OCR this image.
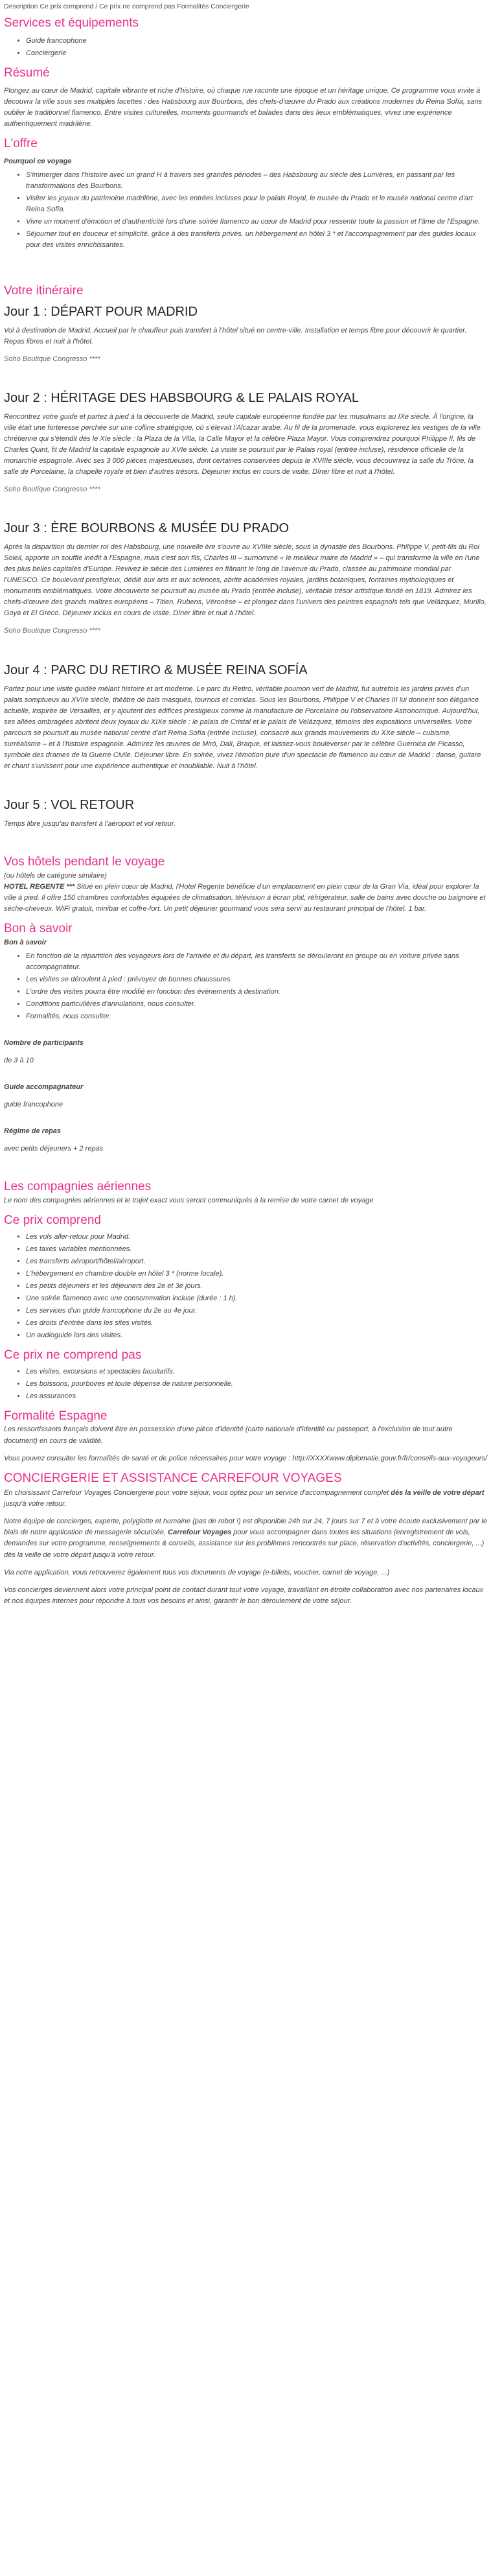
Description Ce prix comprend / Ce prix ne comprend pas Formalités Conciergerie
Services et équipements
• Guide francophone
• Conciergerie
Résumé

Plongez au cœur de Madrid, capitale vibrante et riche d'histoire, où chaque rue raconte une époque et un héritage unique. Ce programme vous invite à découvrir la ville sous ses multiples facettes : des Habsbourg aux Bourbons, des chefs-d'œuvre du Prado aux créations modernes du Reina Sofía, sans oublier le traditionnel flamenco. Entre visites culturelles, moments gourmands et balades dans des lieux emblématiques, vivez une expérience authentiquement madrilène.

L'offre
Pourquoi ce voyage
• S'immerger dans l'histoire avec un grand H à travers ses grandes périodes – des Habsbourg au siècle des Lumières, en passant par les transformations des Bourbons.
• Visiter les joyaux du patrimoine madrilène, avec les entrées incluses pour le palais Royal, le musée du Prado et le musée national centre d'art Reina Sofía.
• Vivre un moment d'émotion et d'authenticité lors d'une soirée flamenco au cœur de Madrid pour ressentir toute la passion et l'âme de l'Espagne.
• Séjourner tout en douceur et simplicité, grâce à des transferts privés, un hébergement en hôtel 3 * et l'accompagnement par des guides locaux pour des visites enrichissantes.
Votre itinéraire
Jour 1 : DÉPART POUR MADRID

Vol à destination de Madrid. Accueil par le chauffeur puis transfert à l'hôtel situé en centre-ville. Installation et temps libre pour découvrir le quartier. Repas libres et nuit à l'hôtel.

Soho Boutique Congresso ****
Jour 2 : HÉRITAGE DES HABSBOURG & LE PALAIS ROYAL

Rencontrez votre guide et partez à pied à la découverte de Madrid, seule capitale européenne fondée par les musulmans au IXe siècle. À l'origine, la ville était une forteresse perchée sur une colline stratégique, où s'élevait l'Alcazar arabe. Au fil de la promenade, vous explorerez les vestiges de la ville chrétienne qui s'étendit dès le XIe siècle : la Plaza de la Villa, la Calle Mayor et la célèbre Plaza Mayor. Vous comprendrez pourquoi Philippe II, fils de Charles Quint, fit de Madrid la capitale espagnole au XVIe siècle. La visite se poursuit par le Palais royal (entrée incluse), résidence officielle de la monarchie espagnole. Avec ses 3 000 pièces majestueuses, dont certaines conservées depuis le XVIIIe siècle, vous découvrirez la salle du Trône, la salle de Porcelaine, la chapelle royale et bien d'autres trésors. Déjeuner inclus en cours de visite. Dîner libre et nuit à l'hôtel.

Soho Boutique Congresso ****
Jour 3 : ÈRE BOURBONS & MUSÉE DU PRADO

Après la disparition du dernier roi des Habsbourg, une nouvelle ère s'ouvre au XVIIIe siècle, sous la dynastie des Bourbons. Philippe V, petit-fils du Roi Soleil, apporte un souffle inédit à l'Espagne, mais c'est son fils, Charles III – surnommé « le meilleur maire de Madrid » – qui transforme la ville en l'une des plus belles capitales d'Europe. Revivez le siècle des Lumières en flânant le long de l'avenue du Prado, classée au patrimoine mondial par l'UNESCO. Ce boulevard prestigieux, dédié aux arts et aux sciences, abrite académies royales, jardins botaniques, fontaines mythologiques et monuments emblématiques. Votre découverte se poursuit au musée du Prado (entrée incluse), véritable trésor artistique fondé en 1819. Admirez les chefs-d'œuvre des grands maîtres européens – Titien, Rubens, Véronèse – et plongez dans l'univers des peintres espagnols tels que Velázquez, Murillo, Goya et El Greco. Déjeuner inclus en cours de visite. Dîner libre et nuit à l'hôtel.

Soho Boutique Congresso ****
Jour 4 : PARC DU RETIRO & MUSÉE REINA SOFÍA

Partez pour une visite guidée mêlant histoire et art moderne. Le parc du Retiro, véritable poumon vert de Madrid, fut autrefois les jardins privés d'un palais somptueux au XVIIe siècle, théâtre de bals masqués, tournois et corridas. Sous les Bourbons, Philippe V et Charles III lui donnent son élégance actuelle, inspirée de Versailles, et y ajoutent des édifices prestigieux comme la manufacture de Porcelaine ou l'observatoire Astronomique. Aujourd'hui, ses allées ombragées abritent deux joyaux du XIXe siècle : le palais de Cristal et le palais de Velázquez, témoins des expositions universelles. Votre parcours se poursuit au musée national centre d'art Reina Sofía (entrée incluse), consacré aux grands mouvements du XXe siècle – cubisme, surréalisme – et à l'histoire espagnole. Admirez les œuvres de Miró, Dalí, Braque, et laissez-vous bouleverser par le célèbre Guernica de Picasso, symbole des drames de la Guerre Civile. Déjeuner libre. En soirée, vivez l'émotion pure d'un spectacle de flamenco au cœur de Madrid : danse, guitare et chant s'unissent pour une expérience authentique et inoubliable. Nuit à l'hôtel.

Jour 5 : VOL RETOUR

Temps libre jusqu'au transfert à l'aéroport et vol retour.

Vos hôtels pendant le voyage
(ou hôtels de catégorie similaire)

HOTEL REGENTE *** Situé en plein cœur de Madrid, l'Hotel Regente bénéficie d'un emplacement en plein cœur de la Gran Vía, idéal pour explorer la ville à pied. Il offre 150 chambres confortables équipées de climatisation, télévision à écran plat, réfrigérateur, salle de bains avec douche ou baignoire et sèche-cheveux. WiFi gratuit, minibar et coffre-fort. Un petit déjeuner gourmand vous sera servi au restaurant principal de l'hôtel. 1 bar.

Bon à savoir
Bon à savoir
• En fonction de la répartition des voyageurs lors de l'arrivée et du départ, les transferts se dérouleront en groupe ou en voiture privée sans accompagnateur.
• Les visites se déroulent à pied : prévoyez de bonnes chaussures.
• L'ordre des visites pourra être modifié en fonction des événements à destination.
• Conditions particulières d'annulations, nous consulter.
• Formalités, nous consulter.
Nombre de participants

de 3 à 10

Guide accompagnateur

guide francophone

Régime de repas

avec petits déjeuners + 2 repas

Les compagnies aériennes

Le nom des compagnies aériennes et le trajet exact vous seront communiqués à la remise de votre carnet de voyage

Ce prix comprend
• Les vols aller-retour pour Madrid.
• Les taxes variables mentionnées.
• Les transferts aéroport/hôtel/aéroport.
• L'hébergement en chambre double en hôtel 3 * (norme locale).
• Les petits déjeuners et les déjeuners des 2e et 3e jours.
• Une soirée flamenco avec une consommation incluse (durée : 1 h).
• Les services d'un guide francophone du 2e au 4e jour.
• Les droits d'entrée dans les sites visités.
• Un audioguide lors des visites.
Ce prix ne comprend pas
• Les visites, excursions et spectacles facultatifs.
• Les boissons, pourboires et toute dépense de nature personnelle.
• Les assurances.
Formalité Espagne

Les ressortissants français doivent être en possession d'une pièce d'identité (carte nationale d'identité ou passeport, à l'exclusion de tout autre document) en cours de validité.

Vous pouvez consulter les formalités de santé et de police nécessaires pour votre voyage : http://XXXXwww.diplomatie.gouv.fr/fr/conseils-aux-voyageurs/

CONCIERGERIE ET ASSISTANCE CARREFOUR VOYAGES

En choisissant Carrefour Voyages Conciergerie pour votre séjour, vous optez pour un service d'accompagnement complet dès la veille de votre départ jusqu'à votre retour.

Notre équipe de concierges, experte, polyglotte et humaine (pas de robot !) est disponible 24h sur 24, 7 jours sur 7 et à votre écoute exclusivement par le biais de notre application de messagerie sécurisée, Carrefour Voyages pour vous accompagner dans toutes les situations (enregistrement de vols, demandes sur votre programme, renseignements & conseils, assistance sur les problèmes rencontrés sur place, réservation d'activités, conciergerie, ...) dès la veille de votre départ jusqu'à votre retour.

Via notre application, vous retrouverez également tous vos documents de voyage (e-billets, voucher, carnet de voyage, ...)

Vos concierges deviennent alors votre principal point de contact durant tout votre voyage, travaillant en étroite collaboration avec nos partenaires locaux et nos équipes internes pour répondre à tous vos besoins et ainsi, garantir le bon déroulement de votre séjour.
